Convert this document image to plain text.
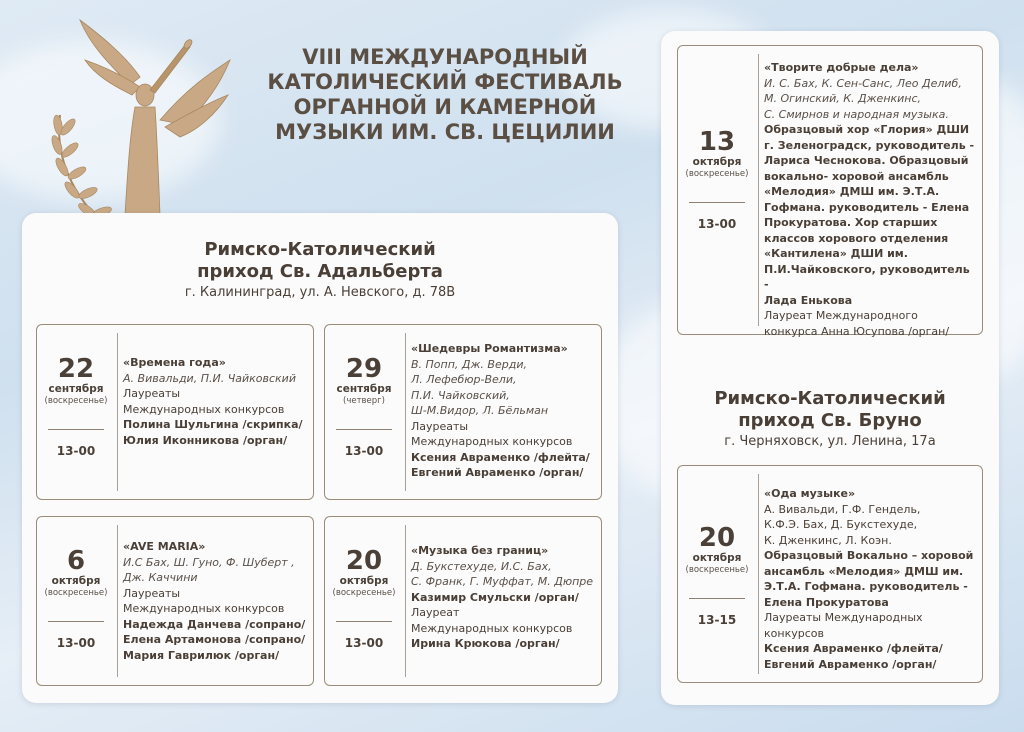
VIII МЕЖДУНАРОДНЫЙ
КАТОЛИЧЕСКИЙ ФЕСТИВАЛЬ
ОРГАННОЙ И КАМЕРНОЙ
МУЗЫКИ ИМ. СВ. ЦЕЦИЛИИ
Римско-Католический
приход Св. Адальберта
г. Калининград, ул. А. Невского, д. 78В
Римско-Католический
приход Св. Бруно
г. Черняховск, ул. Ленина, 17а
22
сентября
(воскресенье)
13-00
«Времена года»
А. Вивальди, П.И. Чайковский
Лауреаты
Международных конкурсов
Полина Шульгина /скрипка/
Юлия Иконникова /орган/
29
сентября
(четверг)
13-00
«Шедевры Романтизма»
В. Попп, Дж. Верди,
Л. Лефебюр-Вели,
П.И. Чайковский,
Ш-М.Видор, Л. Бёльман
Лауреаты
Международных конкурсов
Ксения Авраменко /флейта/
Евгений Авраменко /орган/
6
октября
(воскресенье)
13-00
«AVE MARIA»
И.С Бах, Ш. Гуно, Ф. Шуберт ,
Дж. Каччини
Лауреаты
Международных конкурсов
Надежда Данчева /сопрано/
Елена Артамонова /сопрано/
Мария Гаврилюк /орган/
20
октября
(воскресенье)
13-00
«Музыка без границ»
Д. Букстехуде, И.С. Бах,
С. Франк, Г. Муффат, М. Дюпре
Казимир Смульски /орган/
Лауреат
Международных конкурсов
Ирина Крюкова /орган/
13
октября
(воскресенье)
13-00
«Творите добрые дела»
И. С. Бах, К. Сен-Санс, Лео Делиб,
М. Огинский, К. Дженкинс,
С. Смирнов и народная музыка.
Образцовый хор «Глория» ДШИ
г. Зеленоградск, руководитель -
Лариса Чеснокова. Образцовый
вокально- хоровой ансамбль
«Мелодия» ДМШ им. Э.Т.А.
Гофмана. руководитель - Елена
Прокуратова. Хор старших
классов хорового отделения
«Кантилена» ДШИ им.
П.И.Чайковского, руководитель -
Лада Енькова
Лауреат Международного
конкурса Анна Юсупова /орган/
20
октября
(воскресенье)
13-15
«Ода музыке»
А. Вивальди, Г.Ф. Гендель,
К.Ф.Э. Бах, Д. Букстехуде,
К. Дженкинс, Л. Коэн.
Образцовый Вокально – хоровой
ансамбль «Мелодия» ДМШ им.
Э.Т.А. Гофмана. руководитель -
Елена Прокуратова
Лауреаты Международных
конкурсов
Ксения Авраменко /флейта/
Евгений Авраменко /орган/
